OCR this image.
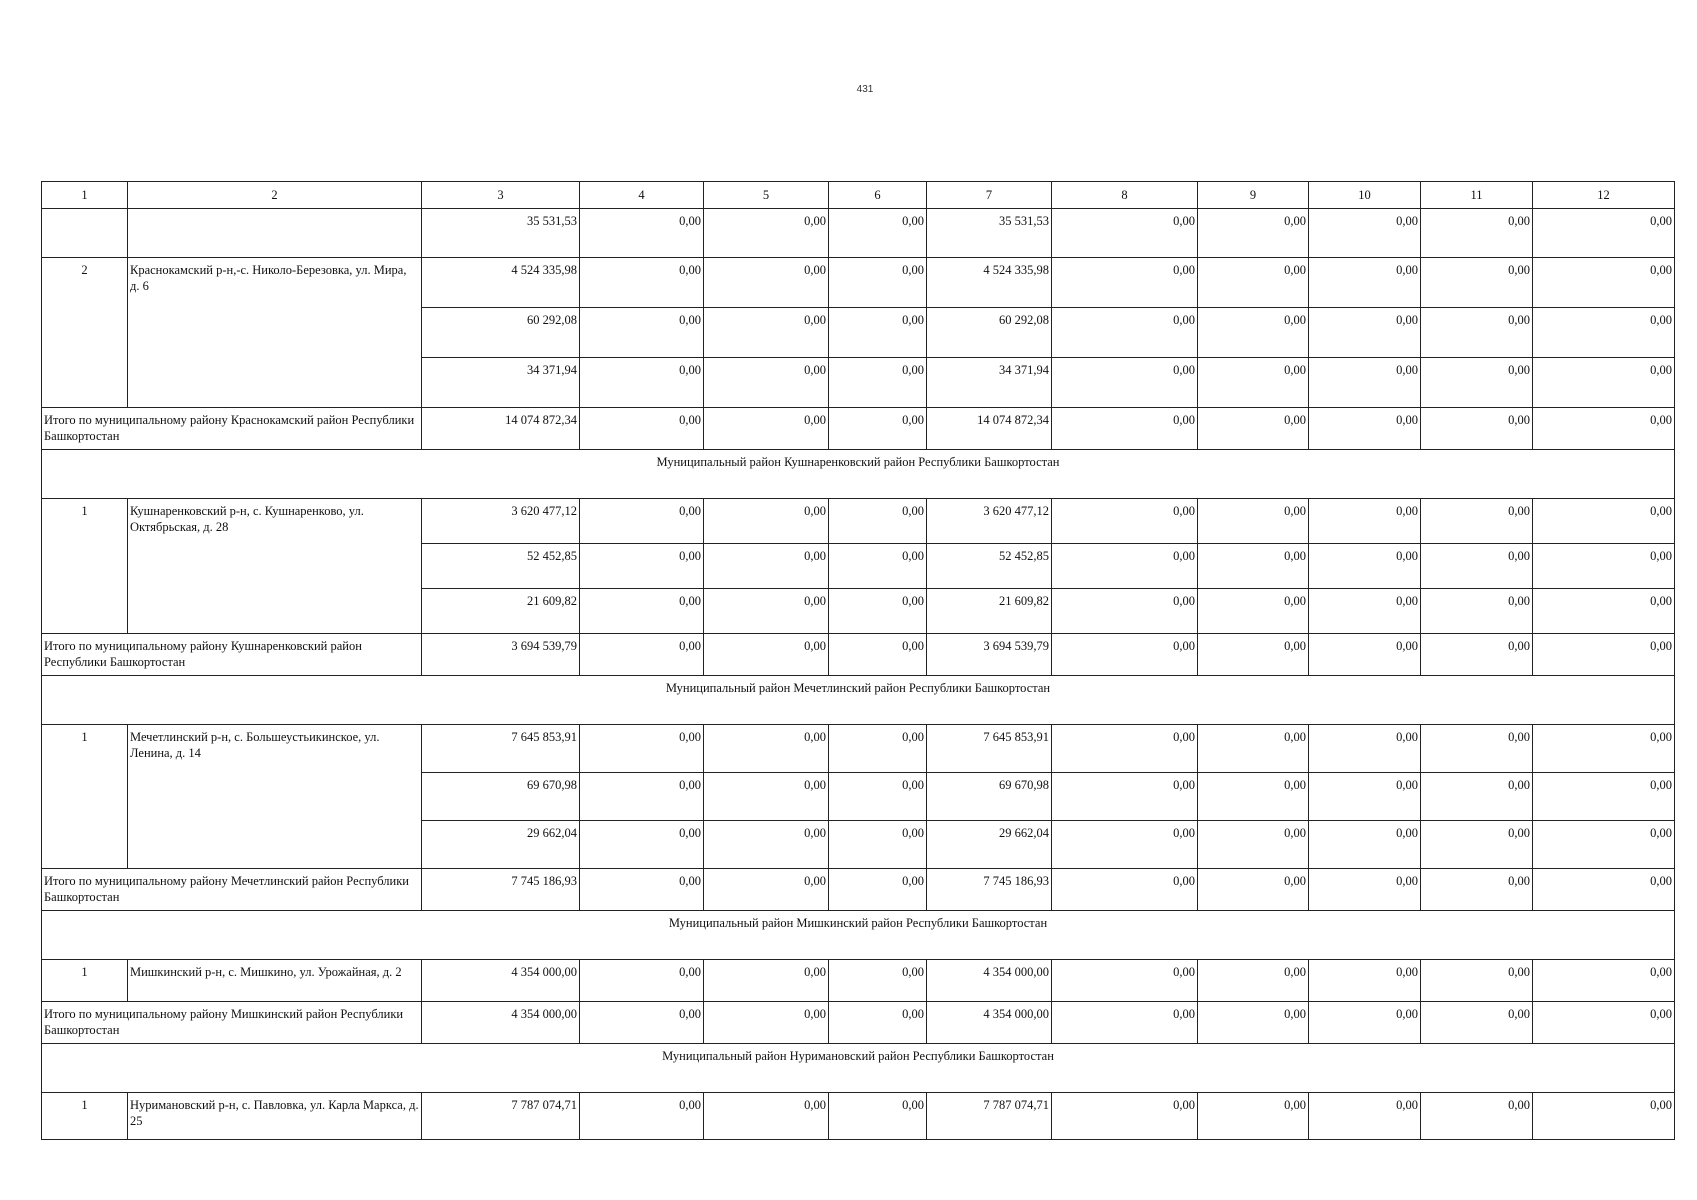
431
1	2	3	4	5	6	7	8	9	10	11	12
		35 531,53	0,00	0,00	0,00	35 531,53	0,00	0,00	0,00	0,00	0,00
2	Краснокамский р-н,-с. Николо-Березовка, ул. Мира, д. 6	4 524 335,98	0,00	0,00	0,00	4 524 335,98	0,00	0,00	0,00	0,00	0,00
		60 292,08	0,00	0,00	0,00	60 292,08	0,00	0,00	0,00	0,00	0,00
		34 371,94	0,00	0,00	0,00	34 371,94	0,00	0,00	0,00	0,00	0,00
Итого по муниципальному району Краснокамский район Республики Башкортостан		14 074 872,34	0,00	0,00	0,00	14 074 872,34	0,00	0,00	0,00	0,00	0,00
Муниципальный район Кушнаренковский район Республики Башкортостан											
1	Кушнаренковский р-н, с. Кушнаренково, ул. Октябрьская, д. 28	3 620 477,12	0,00	0,00	0,00	3 620 477,12	0,00	0,00	0,00	0,00	0,00
		52 452,85	0,00	0,00	0,00	52 452,85	0,00	0,00	0,00	0,00	0,00
		21 609,82	0,00	0,00	0,00	21 609,82	0,00	0,00	0,00	0,00	0,00
Итого по муниципальному району Кушнаренковский район Республики Башкортостан		3 694 539,79	0,00	0,00	0,00	3 694 539,79	0,00	0,00	0,00	0,00	0,00
Муниципальный район Мечетлинский район Республики Башкортостан											
1	Мечетлинский р-н, с. Большеустьикинское, ул. Ленина, д. 14	7 645 853,91	0,00	0,00	0,00	7 645 853,91	0,00	0,00	0,00	0,00	0,00
		69 670,98	0,00	0,00	0,00	69 670,98	0,00	0,00	0,00	0,00	0,00
		29 662,04	0,00	0,00	0,00	29 662,04	0,00	0,00	0,00	0,00	0,00
Итого по муниципальному району Мечетлинский район Республики Башкортостан		7 745 186,93	0,00	0,00	0,00	7 745 186,93	0,00	0,00	0,00	0,00	0,00
Муниципальный район Мишкинский район Республики Башкортостан											
1	Мишкинский р-н, с. Мишкино, ул. Урожайная, д. 2	4 354 000,00	0,00	0,00	0,00	4 354 000,00	0,00	0,00	0,00	0,00	0,00
Итого по муниципальному району Мишкинский район Республики Башкортостан		4 354 000,00	0,00	0,00	0,00	4 354 000,00	0,00	0,00	0,00	0,00	0,00
Муниципальный район Нуримановский район Республики Башкортостан											
1	Нуримановский р-н, с. Павловка, ул. Карла Маркса, д. 25	7 787 074,71	0,00	0,00	0,00	7 787 074,71	0,00	0,00	0,00	0,00	0,00
